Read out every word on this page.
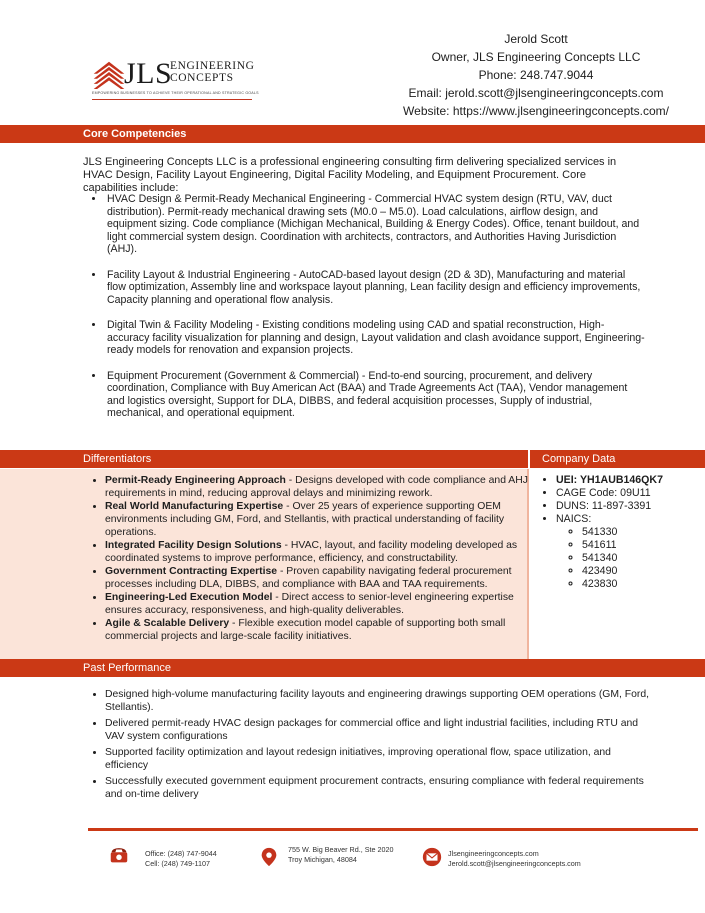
JLS
ENGINEERING
CONCEPTS
EMPOWERING BUSINESSES TO ACHIEVE THEIR OPERATIONAL AND STRATEGIC GOALS
Jerold Scott
Owner, JLS Engineering Concepts LLC
Phone: 248.747.9044
Email: jerold.scott@jlsengineeringconcepts.com
Website: https://www.jlsengineeringconcepts.com/
Core Competencies
JLS Engineering Concepts LLC is a professional engineering consulting firm delivering specialized services in HVAC Design, Facility Layout Engineering, Digital Facility Modeling, and Equipment Procurement. Core capabilities include:
• HVAC Design & Permit-Ready Mechanical Engineering - Commercial HVAC system design (RTU, VAV, duct distribution). Permit-ready mechanical drawing sets (M0.0 – M5.0). Load calculations, airflow design, and equipment sizing. Code compliance (Michigan Mechanical, Building & Energy Codes). Office, tenant buildout, and light commercial system design. Coordination with architects, contractors, and Authorities Having Jurisdiction (AHJ).
• Facility Layout & Industrial Engineering - AutoCAD-based layout design (2D & 3D), Manufacturing and material flow optimization, Assembly line and workspace layout planning, Lean facility design and efficiency improvements, Capacity planning and operational flow analysis.
• Digital Twin & Facility Modeling - Existing conditions modeling using CAD and spatial reconstruction, High-accuracy facility visualization for planning and design, Layout validation and clash avoidance support, Engineering-ready models for renovation and expansion projects.
• Equipment Procurement (Government & Commercial) - End-to-end sourcing, procurement, and delivery coordination, Compliance with Buy American Act (BAA) and Trade Agreements Act (TAA), Vendor management and logistics oversight, Support for DLA, DIBBS, and federal acquisition processes, Supply of industrial, mechanical, and operational equipment.
Differentiators	Company Data
• Permit-Ready Engineering Approach - Designs developed with code compliance and AHJ requirements in mind, reducing approval delays and minimizing rework.
• Real World Manufacturing Expertise - Over 25 years of experience supporting OEM environments including GM, Ford, and Stellantis, with practical understanding of facility operations.
• Integrated Facility Design Solutions - HVAC, layout, and facility modeling developed as coordinated systems to improve performance, efficiency, and constructability.
• Government Contracting Expertise - Proven capability navigating federal procurement processes including DLA, DIBBS, and compliance with BAA and TAA requirements.
• Engineering-Led Execution Model - Direct access to senior-level engineering expertise ensures accuracy, responsiveness, and high-quality deliverables.
• Agile & Scalable Delivery - Flexible execution model capable of supporting both small commercial projects and large-scale facility initiatives.
• UEI: YH1AUB146QK7
• CAGE Code: 09U11
• DUNS: 11-897-3391
• NAICS:
◦ 541330
◦ 541611
◦ 541340
◦ 423490
◦ 423830
Past Performance
• Designed high-volume manufacturing facility layouts and engineering drawings supporting OEM operations (GM, Ford, Stellantis).
• Delivered permit-ready HVAC design packages for commercial office and light industrial facilities, including RTU and VAV system configurations
• Supported facility optimization and layout redesign initiatives, improving operational flow, space utilization, and efficiency
• Successfully executed government equipment procurement contracts, ensuring compliance with federal requirements and on-time delivery
Office: (248) 747-9044
Cell: (248) 749-1107
755 W. Big Beaver Rd., Ste 2020
Troy Michigan, 48084
Jlsengineeringconcepts.com
Jerold.scott@jlsengineeringconcepts.com
